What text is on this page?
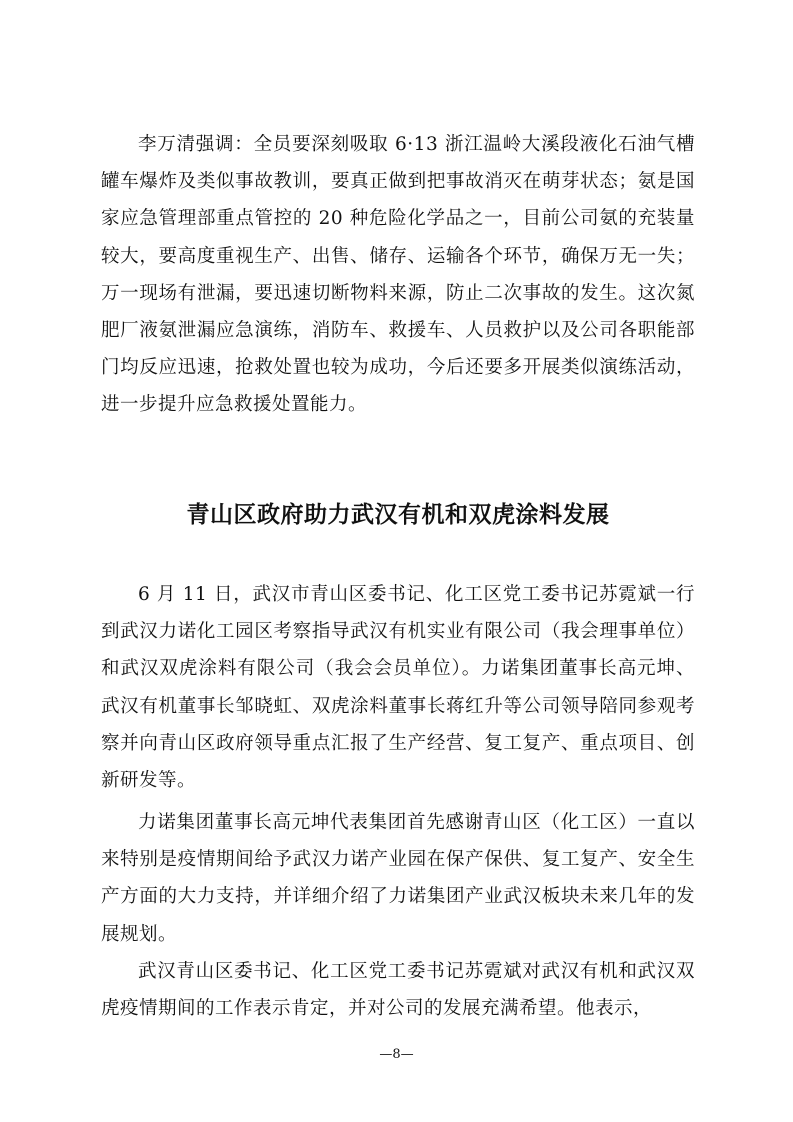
李万清强调：全员要深刻吸取 6·13 浙江温岭大溪段液化石油气槽罐车爆炸及类似事故教训，要真正做到把事故消灭在萌芽状态；氨是国家应急管理部重点管控的 20 种危险化学品之一，目前公司氨的充装量较大，要高度重视生产、出售、储存、运输各个环节，确保万无一失；万一现场有泄漏，要迅速切断物料来源，防止二次事故的发生。这次氮肥厂液氨泄漏应急演练，消防车、救援车、人员救护以及公司各职能部门均反应迅速，抢救处置也较为成功，今后还要多开展类似演练活动，进一步提升应急救援处置能力。

青山区政府助力武汉有机和双虎涂料发展

6 月 11 日，武汉市青山区委书记、化工区党工委书记苏霓斌一行到武汉力诺化工园区考察指导武汉有机实业有限公司（我会理事单位）和武汉双虎涂料有限公司（我会会员单位）。力诺集团董事长高元坤、武汉有机董事长邹晓虹、双虎涂料董事长蒋红升等公司领导陪同参观考察并向青山区政府领导重点汇报了生产经营、复工复产、重点项目、创新研发等。

力诺集团董事长高元坤代表集团首先感谢青山区（化工区）一直以来特别是疫情期间给予武汉力诺产业园在保产保供、复工复产、安全生产方面的大力支持，并详细介绍了力诺集团产业武汉板块未来几年的发展规划。

武汉青山区委书记、化工区党工委书记苏霓斌对武汉有机和武汉双虎疫情期间的工作表示肯定，并对公司的发展充满希望。他表示，

—8—
